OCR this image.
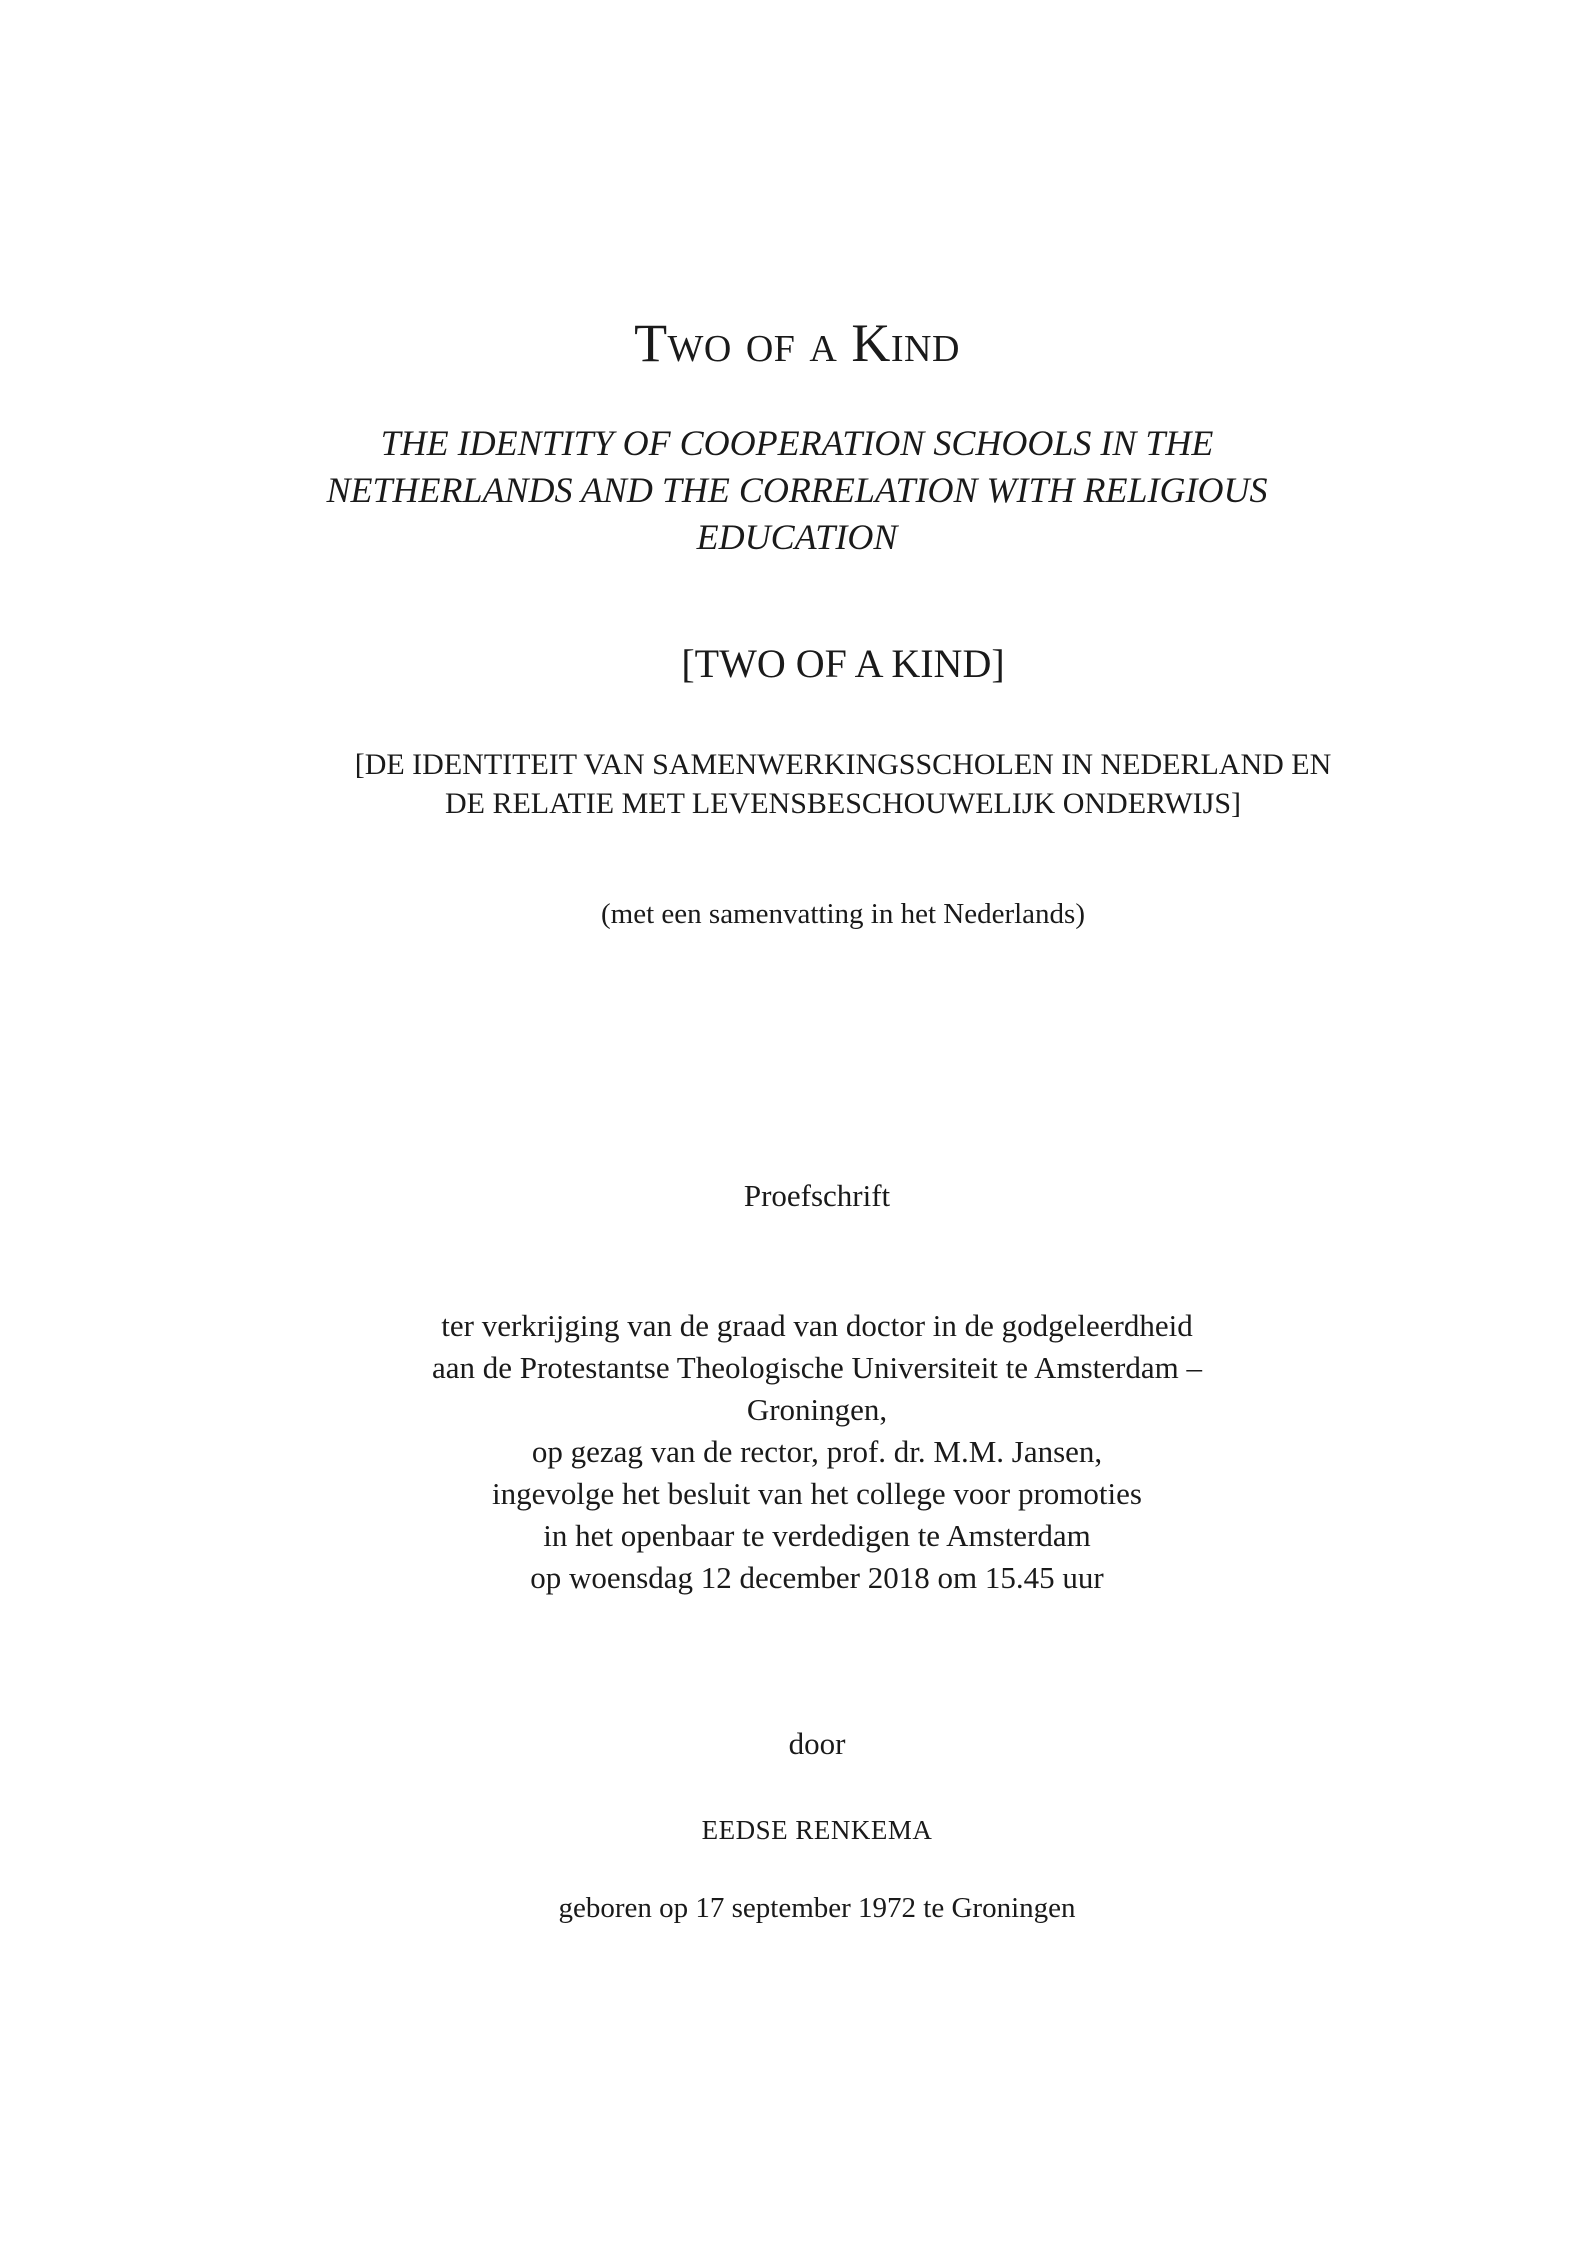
Two of a Kind
THE IDENTITY OF COOPERATION SCHOOLS IN THE
NETHERLANDS AND THE CORRELATION WITH RELIGIOUS
EDUCATION
[TWO OF A KIND]
[DE IDENTITEIT VAN SAMENWERKINGSSCHOLEN IN NEDERLAND EN
DE RELATIE MET LEVENSBESCHOUWELIJK ONDERWIJS]
(met een samenvatting in het Nederlands)
Proefschrift
ter verkrijging van de graad van doctor in de godgeleerdheid
aan de Protestantse Theologische Universiteit te Amsterdam –
Groningen,
op gezag van de rector, prof. dr. M.M. Jansen,
ingevolge het besluit van het college voor promoties
in het openbaar te verdedigen te Amsterdam
op woensdag 12 december 2018 om 15.45 uur
door
EEDSE RENKEMA
geboren op 17 september 1972 te Groningen
